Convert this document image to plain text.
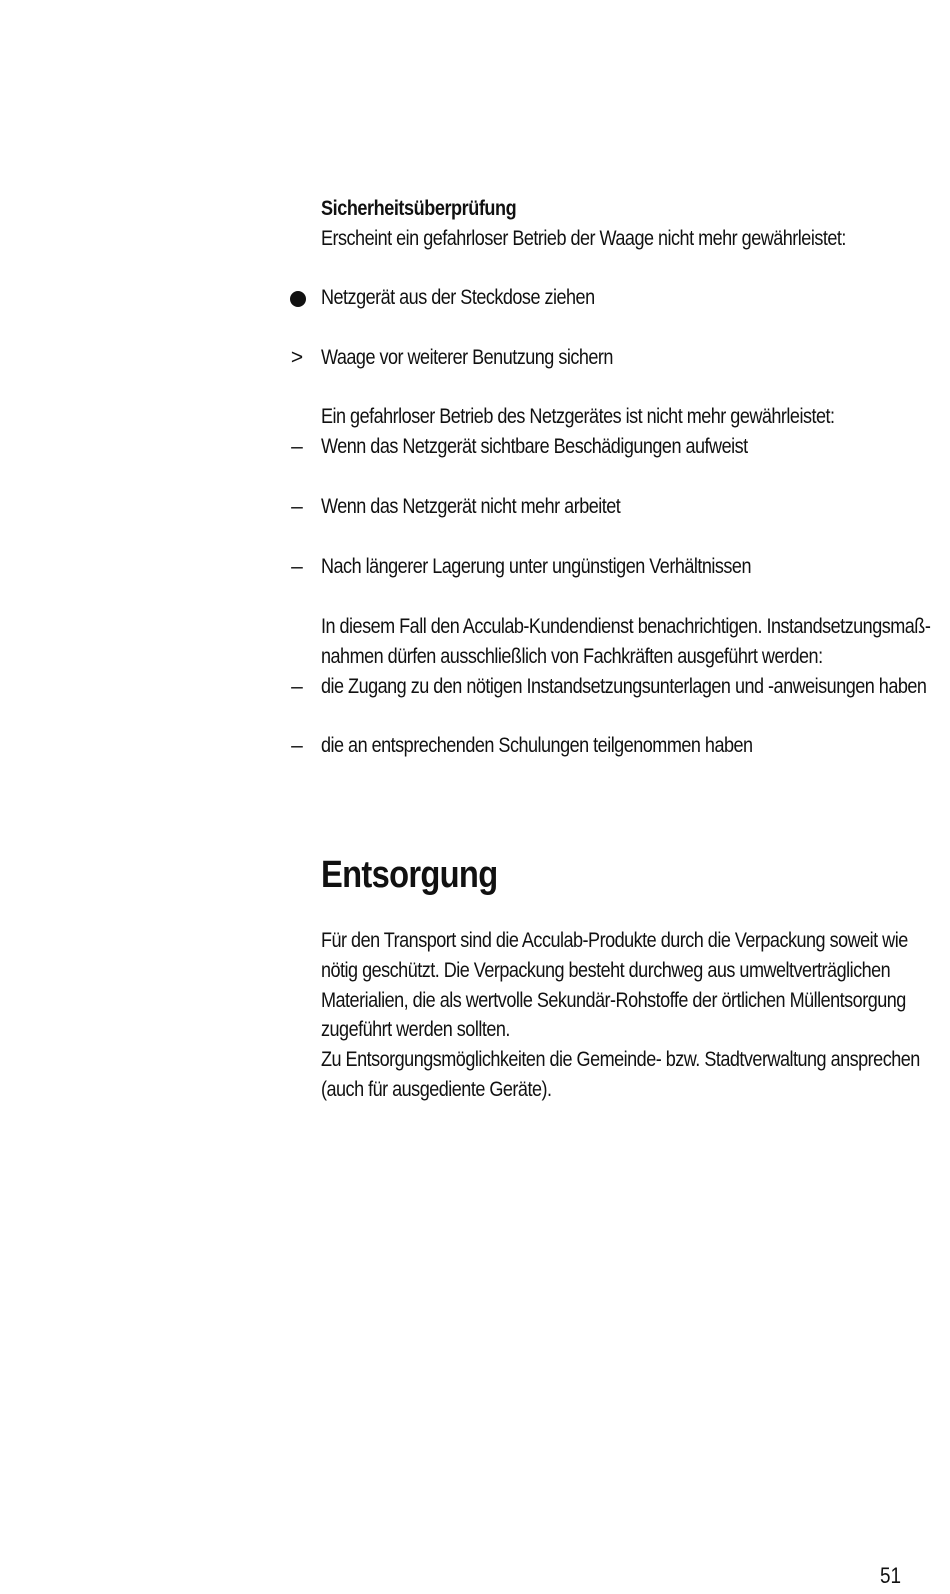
Sicherheitsüberprüfung
Erscheint ein gefahrloser Betrieb der Waage nicht mehr gewährleistet:
Netzgerät aus der Steckdose ziehen
> Waage vor weiterer Benutzung sichern
Ein gefahrloser Betrieb des Netzgerätes ist nicht mehr gewährleistet:
– Wenn das Netzgerät sichtbare Beschädigungen aufweist
– Wenn das Netzgerät nicht mehr arbeitet
– Nach längerer Lagerung unter ungünstigen Verhältnissen
In diesem Fall den Acculab-Kundendienst benachrichtigen. Instandsetzungsmaß-
nahmen dürfen ausschließlich von Fachkräften ausgeführt werden:
– die Zugang zu den nötigen Instandsetzungsunterlagen und -anweisungen haben
– die an entsprechenden Schulungen teilgenommen haben
Entsorgung
Für den Transport sind die Acculab-Produkte durch die Verpackung soweit wie
nötig geschützt. Die Verpackung besteht durchweg aus umweltverträglichen
Materialien, die als wertvolle Sekundär-Rohstoffe der örtlichen Müllentsorgung
zugeführt werden sollten.
Zu Entsorgungsmöglichkeiten die Gemeinde- bzw. Stadtverwaltung ansprechen
(auch für ausgediente Geräte).
51
